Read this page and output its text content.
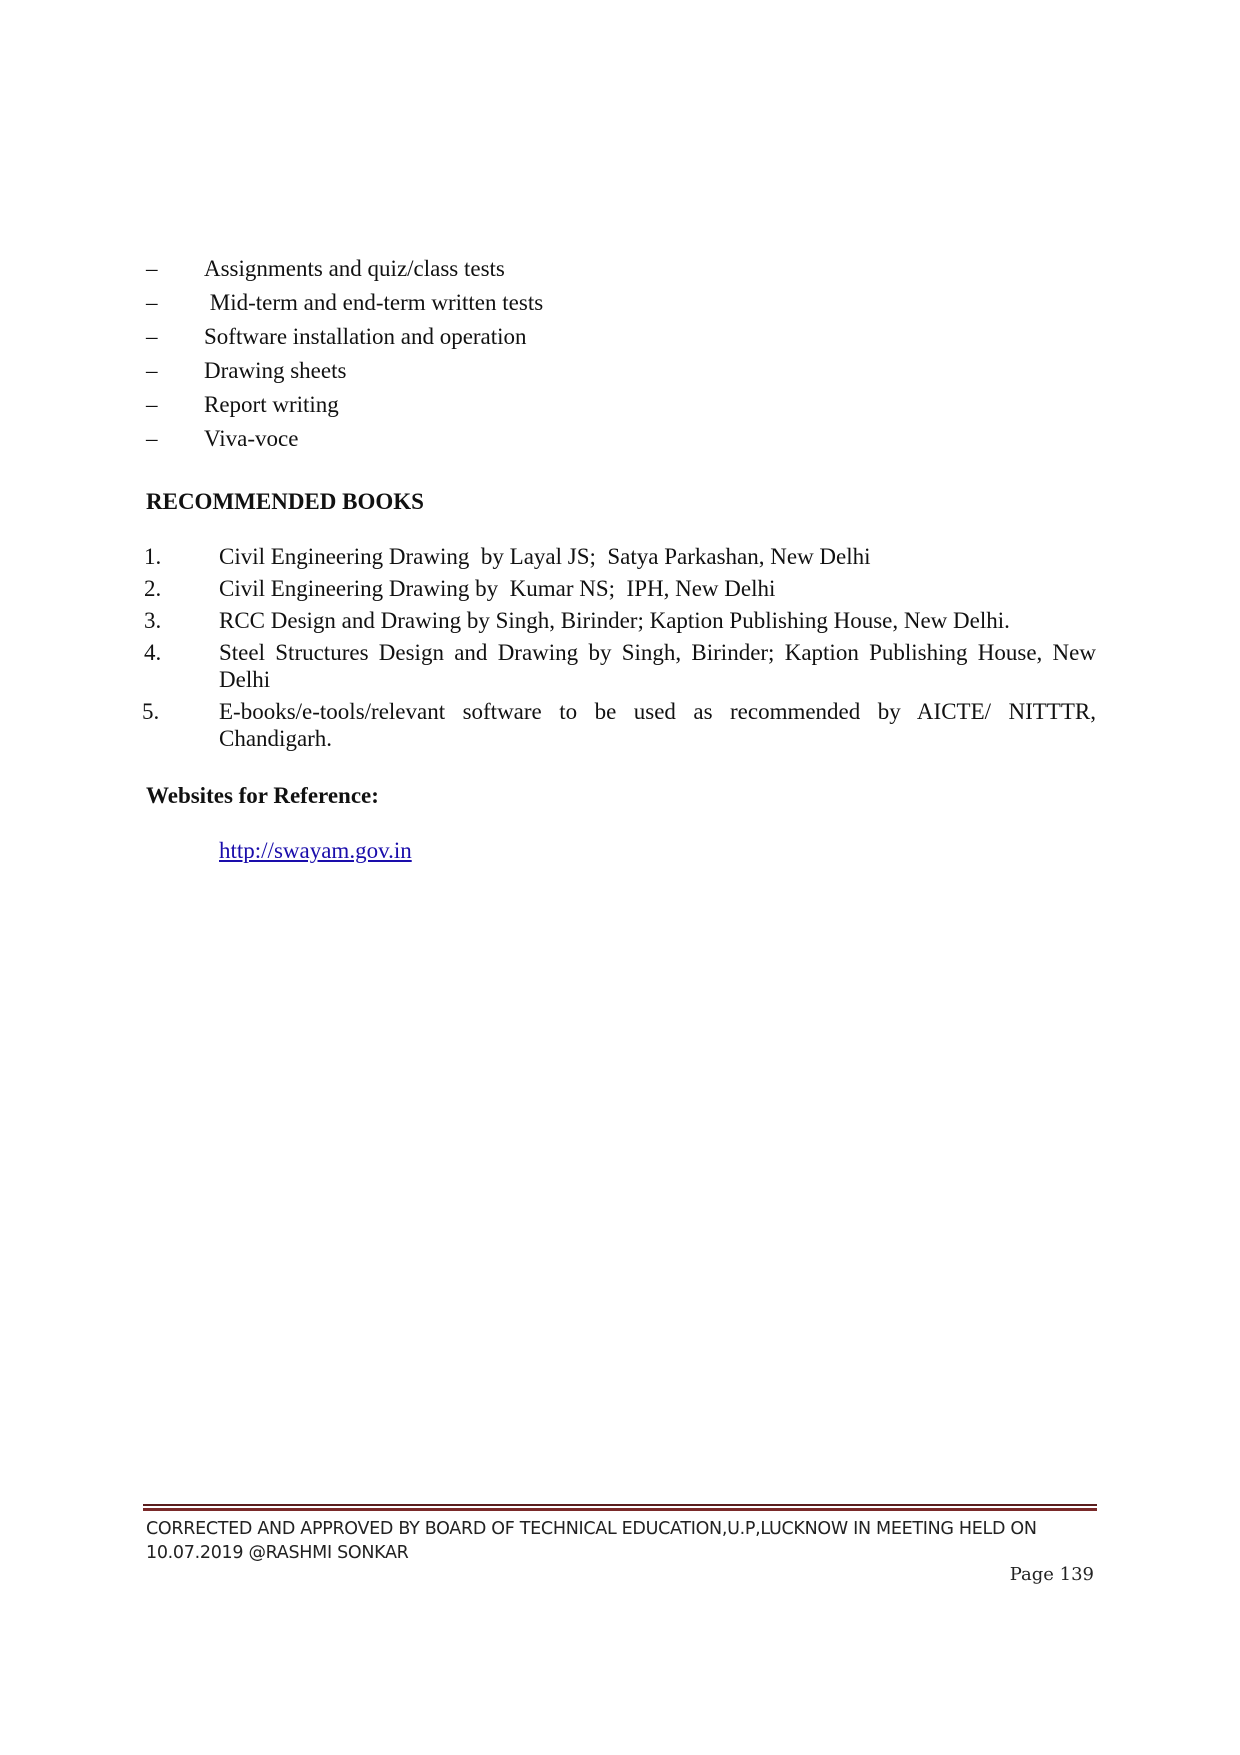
–	Assignments and quiz/class tests
–	Mid-term and end-term written tests
–	Software installation and operation
–	Drawing sheets
–	Report writing
–	Viva-voce
RECOMMENDED BOOKS
1.	Civil Engineering Drawing  by Layal JS;  Satya Parkashan, New Delhi
2.	Civil Engineering Drawing by  Kumar NS;  IPH, New Delhi
3.	RCC Design and Drawing by Singh, Birinder; Kaption Publishing House, New Delhi.
4.	Steel Structures Design and Drawing by Singh, Birinder; Kaption Publishing House, New Delhi
5.	E-books/e-tools/relevant software to be used as recommended by AICTE/ NITTTR, Chandigarh.
Websites for Reference:
http://swayam.gov.in

CORRECTED AND APPROVED BY BOARD OF TECHNICAL EDUCATION,U.P,LUCKNOW IN MEETING HELD ON 10.07.2019 @RASHMI SONKAR

Page 139
